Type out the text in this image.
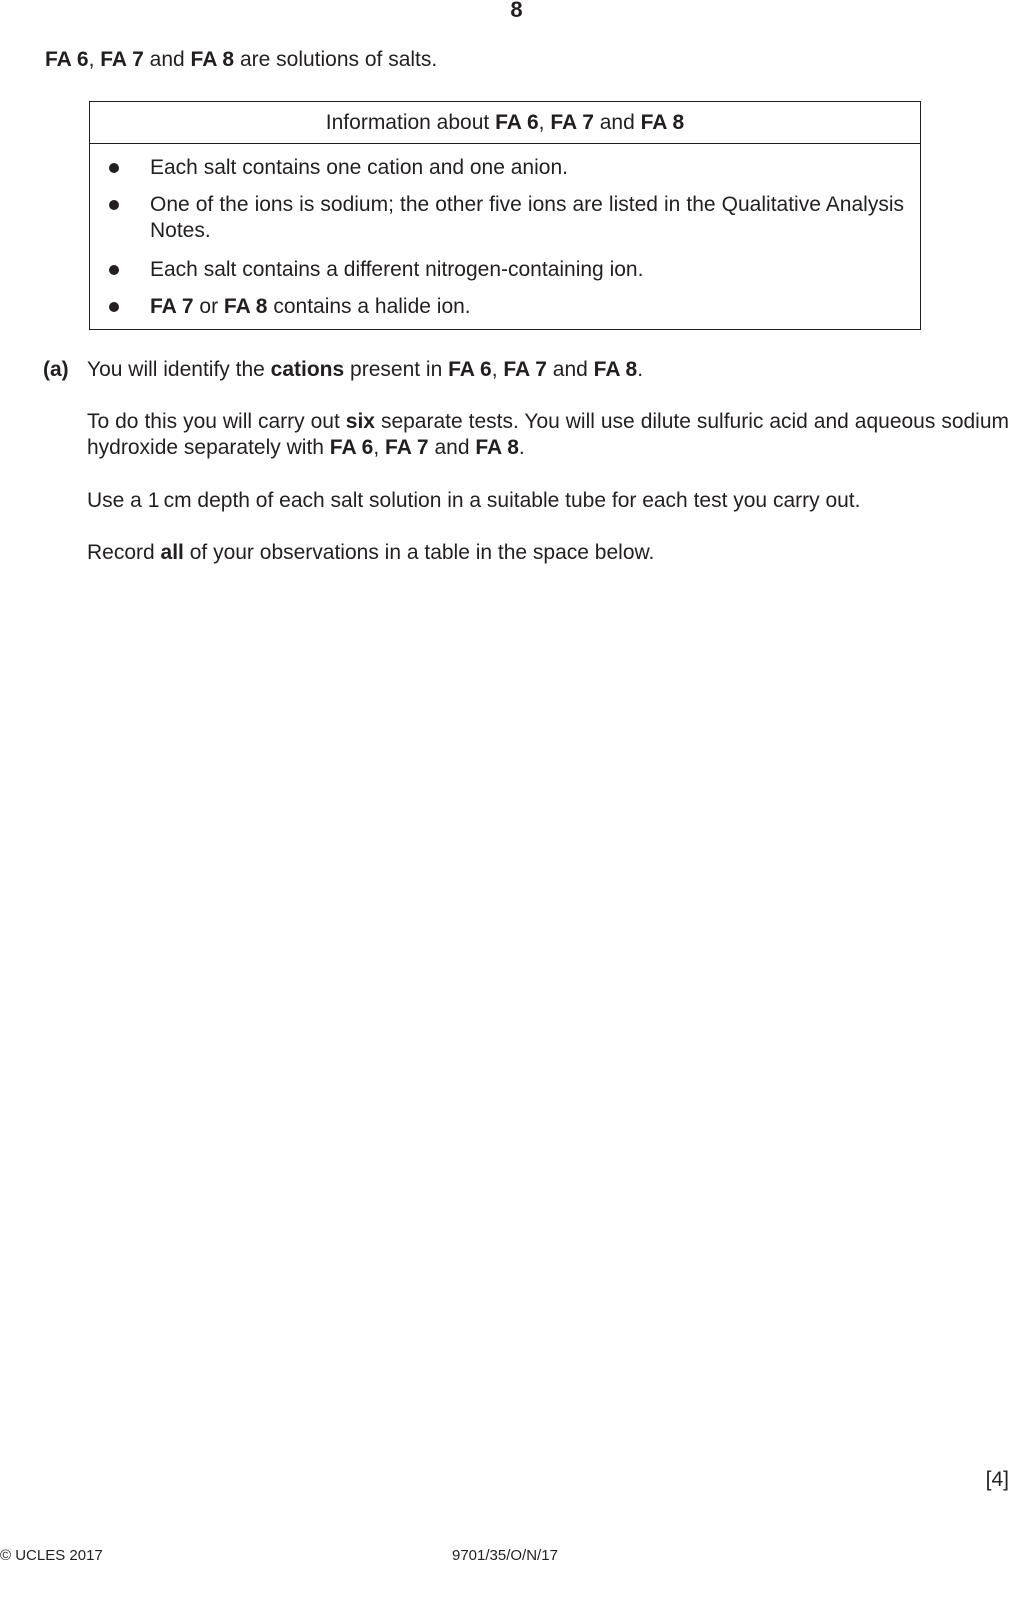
8
FA 6, FA 7 and FA 8 are solutions of salts.
Information about FA 6, FA 7 and FA 8
Each salt contains one cation and one anion.
One of the ions is sodium; the other five ions are listed in the Qualitative Analysis Notes.
Each salt contains a different nitrogen-containing ion.
FA 7 or FA 8 contains a halide ion.
(a) You will identify the cations present in FA 6, FA 7 and FA 8.
To do this you will carry out six separate tests. You will use dilute sulfuric acid and aqueous sodium hydroxide separately with FA 6, FA 7 and FA 8.
Use a 1 cm depth of each salt solution in a suitable tube for each test you carry out.
Record all of your observations in a table in the space below.
[4]
© UCLES 2017	9701/35/O/N/17
